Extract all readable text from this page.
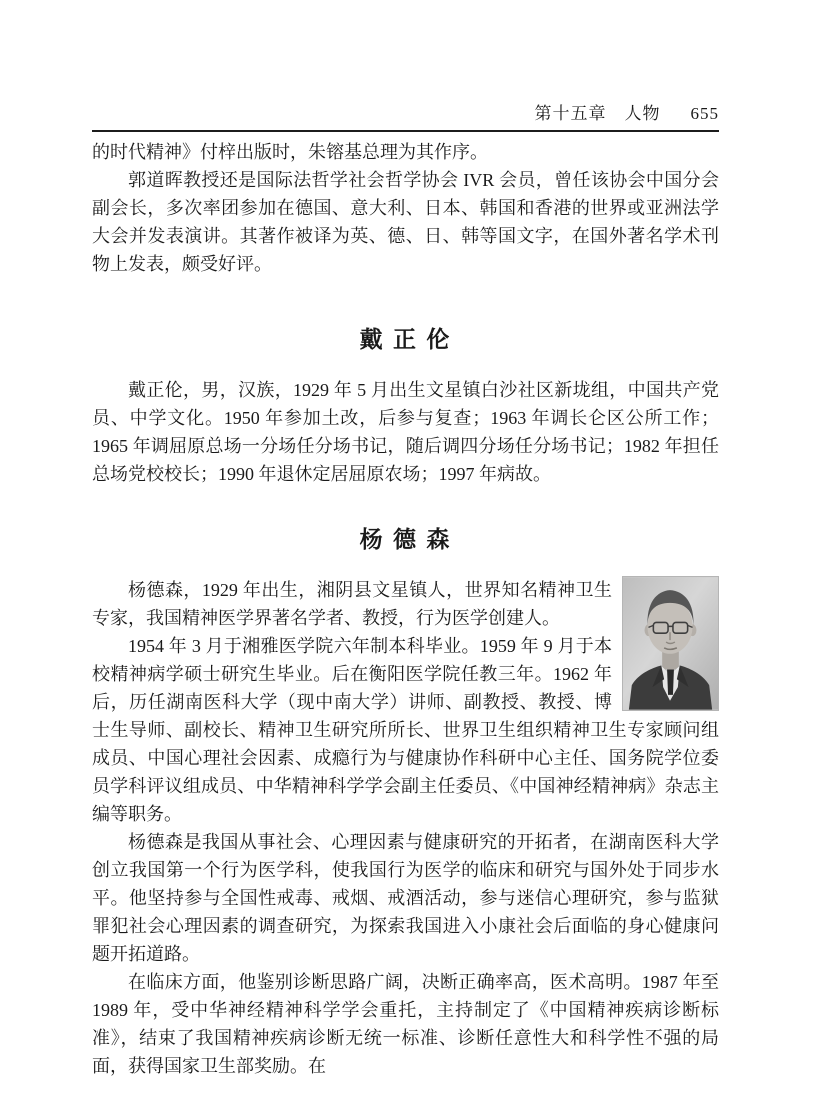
第十五章 人物 655

的时代精神》付梓出版时，朱镕基总理为其作序。

郭道晖教授还是国际法哲学社会哲学协会 IVR 会员，曾任该协会中国分会副会长，多次率团参加在德国、意大利、日本、韩国和香港的世界或亚洲法学大会并发表演讲。其著作被译为英、德、日、韩等国文字，在国外著名学术刊物上发表，颇受好评。

戴 正 伦

戴正伦，男，汉族，1929 年 5 月出生文星镇白沙社区新垅组，中国共产党员、中学文化。1950 年参加土改，后参与复查；1963 年调长仑区公所工作；1965 年调屈原总场一分场任分场书记，随后调四分场任分场书记；1982 年担任总场党校校长；1990 年退休定居屈原农场；1997 年病故。

杨 德 森

杨德森，1929 年出生，湘阴县文星镇人，世界知名精神卫生专家，我国精神医学界著名学者、教授，行为医学创建人。

1954 年 3 月于湘雅医学院六年制本科毕业。1959 年 9 月于本校精神病学硕士研究生毕业。后在衡阳医学院任教三年。1962 年后，历任湖南医科大学（现中南大学）讲师、副教授、教授、博士生导师、副校长、精神卫生研究所所长、世界卫生组织精神卫生专家顾问组成员、中国心理社会因素、成瘾行为与健康协作科研中心主任、国务院学位委员学科评议组成员、中华精神科学学会副主任委员、《中国神经精神病》杂志主编等职务。

杨德森是我国从事社会、心理因素与健康研究的开拓者，在湖南医科大学创立我国第一个行为医学科，使我国行为医学的临床和研究与国外处于同步水平。他坚持参与全国性戒毒、戒烟、戒酒活动，参与迷信心理研究，参与监狱罪犯社会心理因素的调查研究，为探索我国进入小康社会后面临的身心健康问题开拓道路。

在临床方面，他鉴别诊断思路广阔，决断正确率高，医术高明。1987 年至 1989 年，受中华神经精神科学学会重托，主持制定了《中国精神疾病诊断标准》，结束了我国精神疾病诊断无统一标准、诊断任意性大和科学性不强的局面，获得国家卫生部奖励。在
